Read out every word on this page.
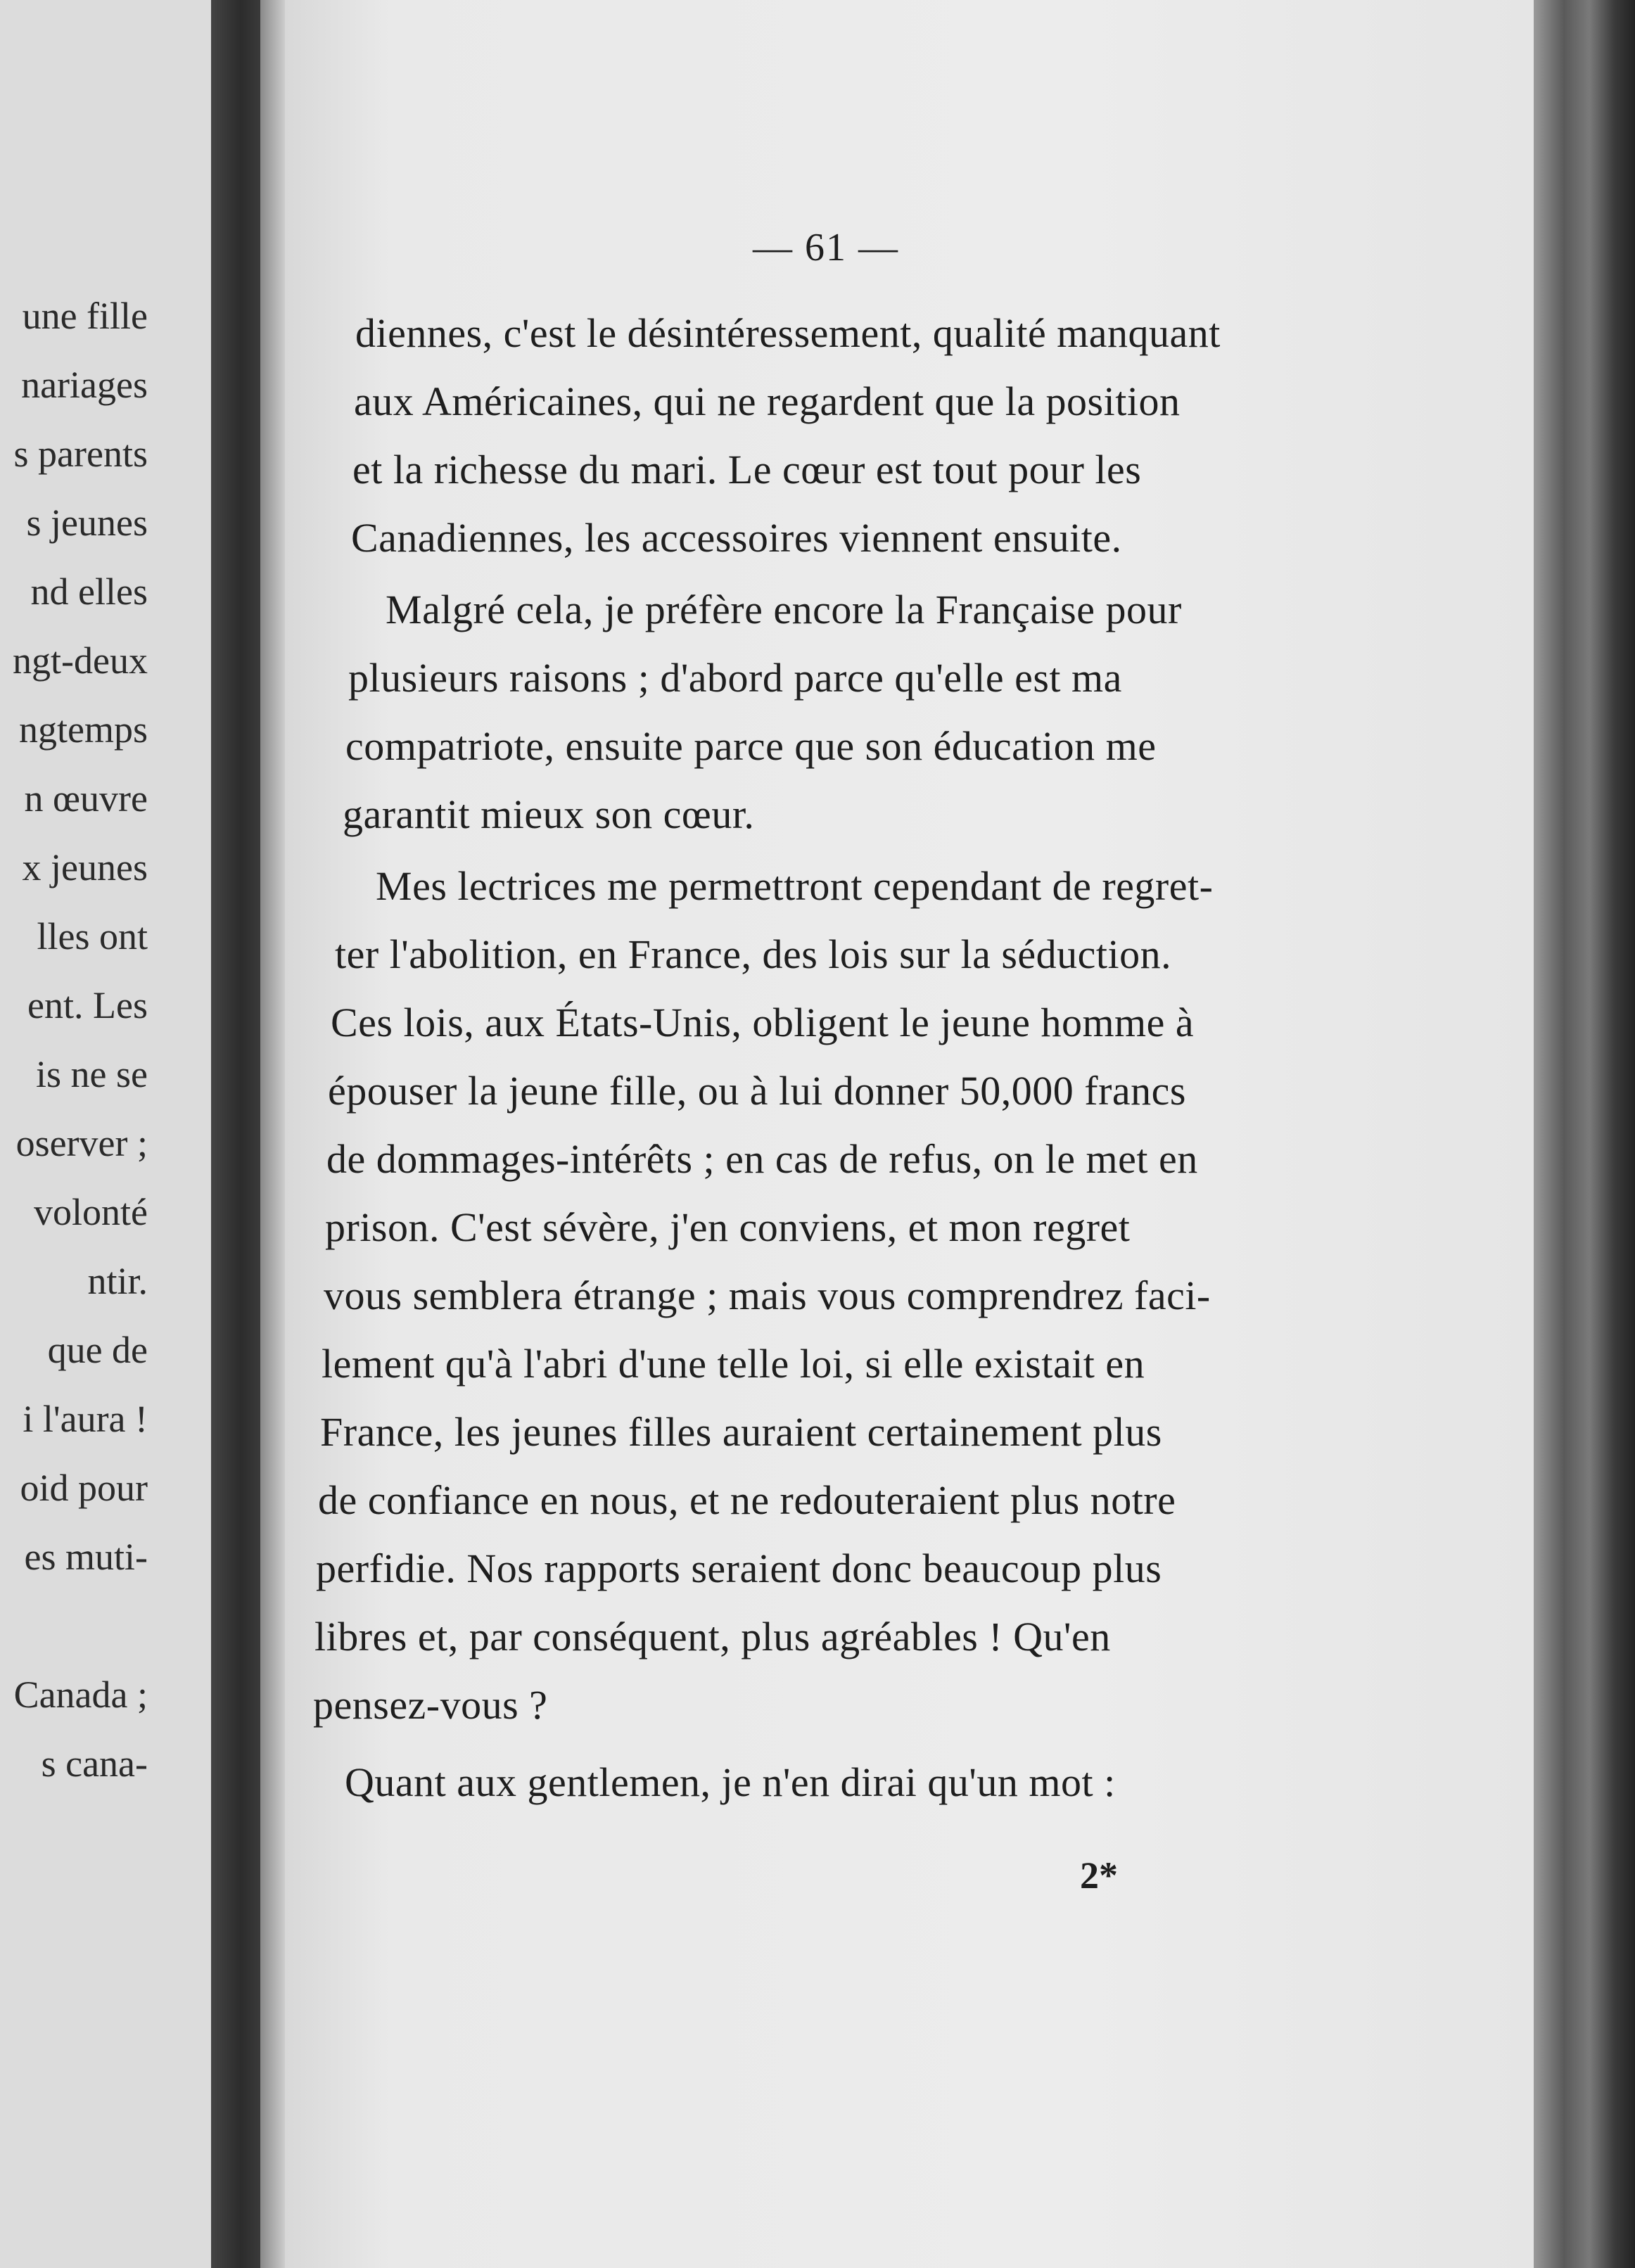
une fille
nariages
s parents
s jeunes
nd elles
ngt-deux
ngtemps
n œuvre
x jeunes
lles ont
ent. Les
is ne se
oserver ;
volonté
ntir.
que de
i l'aura !
oid pour
es muti-
Canada ;
s cana-
— 61 —
diennes, c'est le désintéressement, qualité manquant
aux Américaines, qui ne regardent que la position
et la richesse du mari. Le cœur est tout pour les
Canadiennes, les accessoires viennent ensuite.
Malgré cela, je préfère encore la Française pour
plusieurs raisons ; d'abord parce qu'elle est ma
compatriote, ensuite parce que son éducation me
garantit mieux son cœur.
Mes lectrices me permettront cependant de regret-
ter l'abolition, en France, des lois sur la séduction.
Ces lois, aux États-Unis, obligent le jeune homme à
épouser la jeune fille, ou à lui donner 50,000 francs
de dommages-intérêts ; en cas de refus, on le met en
prison. C'est sévère, j'en conviens, et mon regret
vous semblera étrange ; mais vous comprendrez faci-
lement qu'à l'abri d'une telle loi, si elle existait en
France, les jeunes filles auraient certainement plus
de confiance en nous, et ne redouteraient plus notre
perfidie. Nos rapports seraient donc beaucoup plus
libres et, par conséquent, plus agréables ! Qu'en
pensez-vous ?
Quant aux gentlemen, je n'en dirai qu'un mot :
2*
